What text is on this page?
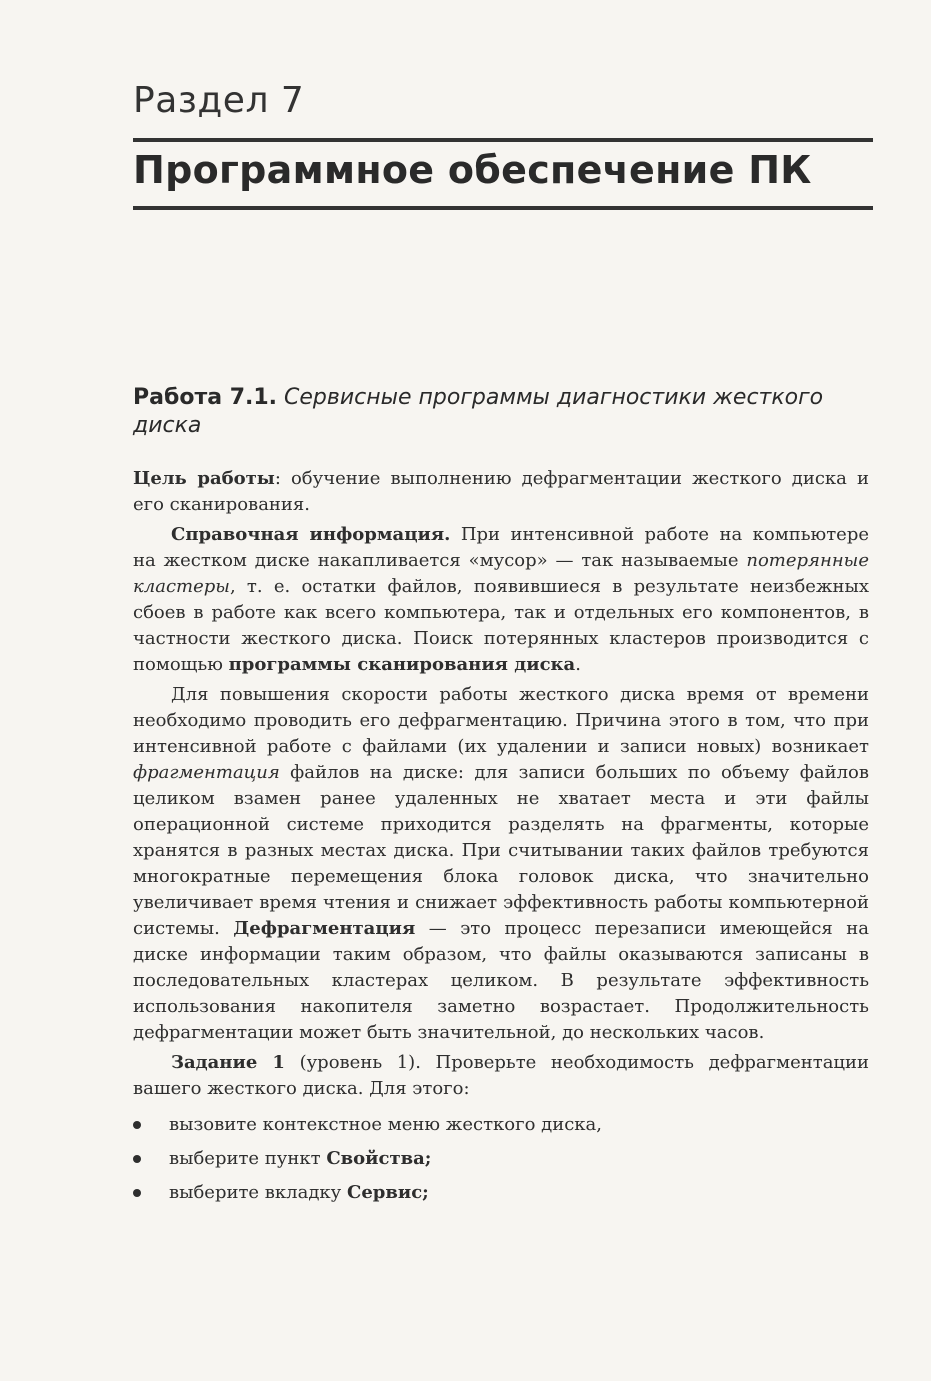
Раздел 7
Программное обеспечение ПК
Работа 7.1. Сервисные программы диагностики жесткого диска

Цель работы: обучение выполнению дефрагментации жесткого диска и его сканирования.

Справочная информация. При интенсивной работе на компьютере на жестком диске накапливается «мусор» — так называемые потерянные кластеры, т. е. остатки файлов, появившиеся в результате неизбежных сбоев в работе как всего компьютера, так и отдельных его компонентов, в частности жесткого диска. Поиск потерянных кластеров производится с помощью программы сканирования диска.

Для повышения скорости работы жесткого диска время от времени необходимо проводить его дефрагментацию. Причина этого в том, что при интенсивной работе с файлами (их удалении и записи новых) возникает фрагментация файлов на диске: для записи больших по объему файлов целиком взамен ранее удаленных не хватает места и эти файлы операционной системе приходится разделять на фрагменты, которые хранятся в разных местах диска. При считывании таких файлов требуются многократные перемещения блока головок диска, что значительно увеличивает время чтения и снижает эффективность работы компьютерной системы. Дефрагментация — это процесс перезаписи имеющейся на диске информации таким образом, что файлы оказываются записаны в последовательных кластерах целиком. В результате эффективность использования накопителя заметно возрастает. Продолжительность дефрагментации может быть значительной, до нескольких часов.

Задание 1 (уровень 1). Проверьте необходимость дефрагментации вашего жесткого диска. Для этого:

вызовите контекстное меню жесткого диска,
выберите пункт Свойства;
выберите вкладку Сервис;
